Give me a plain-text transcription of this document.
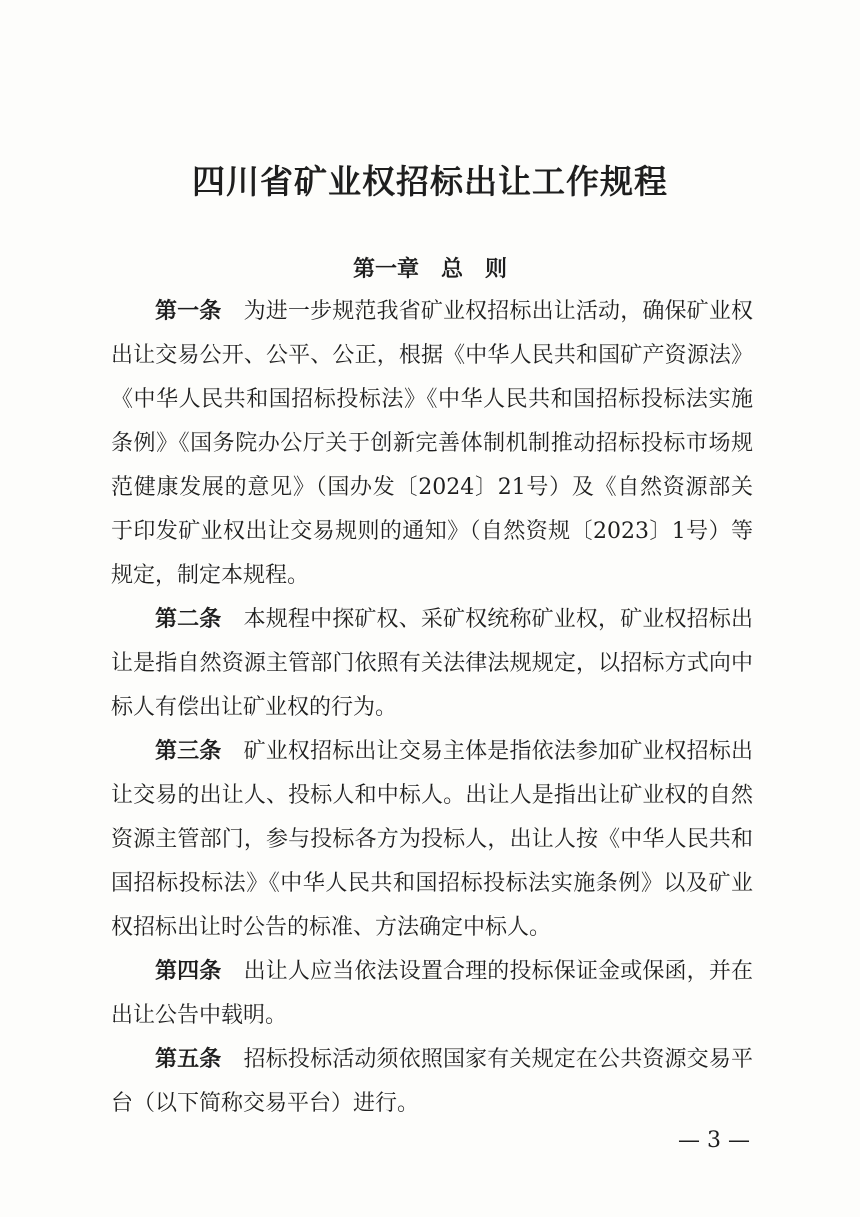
四川省矿业权招标出让工作规程
第一章　总　则

第一条　 为进一步规范我省矿业权招标出让活动，确保矿业权出让交易公开、公平、公正，根据《中华人民共和国矿产资源法》《中华人民共和国招标投标法》《中华人民共和国招标投标法实施条例》《国务院办公厅关于创新完善体制机制推动招标投标市场规范健康发展的意见》（国办发〔2024〕21号）及《自然资源部关于印发矿业权出让交易规则的通知》（自然资规〔2023〕1号）等规定，制定本规程。

第二条　 本规程中探矿权、采矿权统称矿业权，矿业权招标出让是指自然资源主管部门依照有关法律法规规定，以招标方式向中标人有偿出让矿业权的行为。

第三条　 矿业权招标出让交易主体是指依法参加矿业权招标出让交易的出让人、投标人和中标人。出让人是指出让矿业权的自然资源主管部门，参与投标各方为投标人，出让人按《中华人民共和国招标投标法》《中华人民共和国招标投标法实施条例》以及矿业权招标出让时公告的标准、方法确定中标人。

第四条　 出让人应当依法设置合理的投标保证金或保函，并在出让公告中载明。

第五条　 招标投标活动须依照国家有关规定在公共资源交易平台（以下简称交易平台）进行。

— 3 —
